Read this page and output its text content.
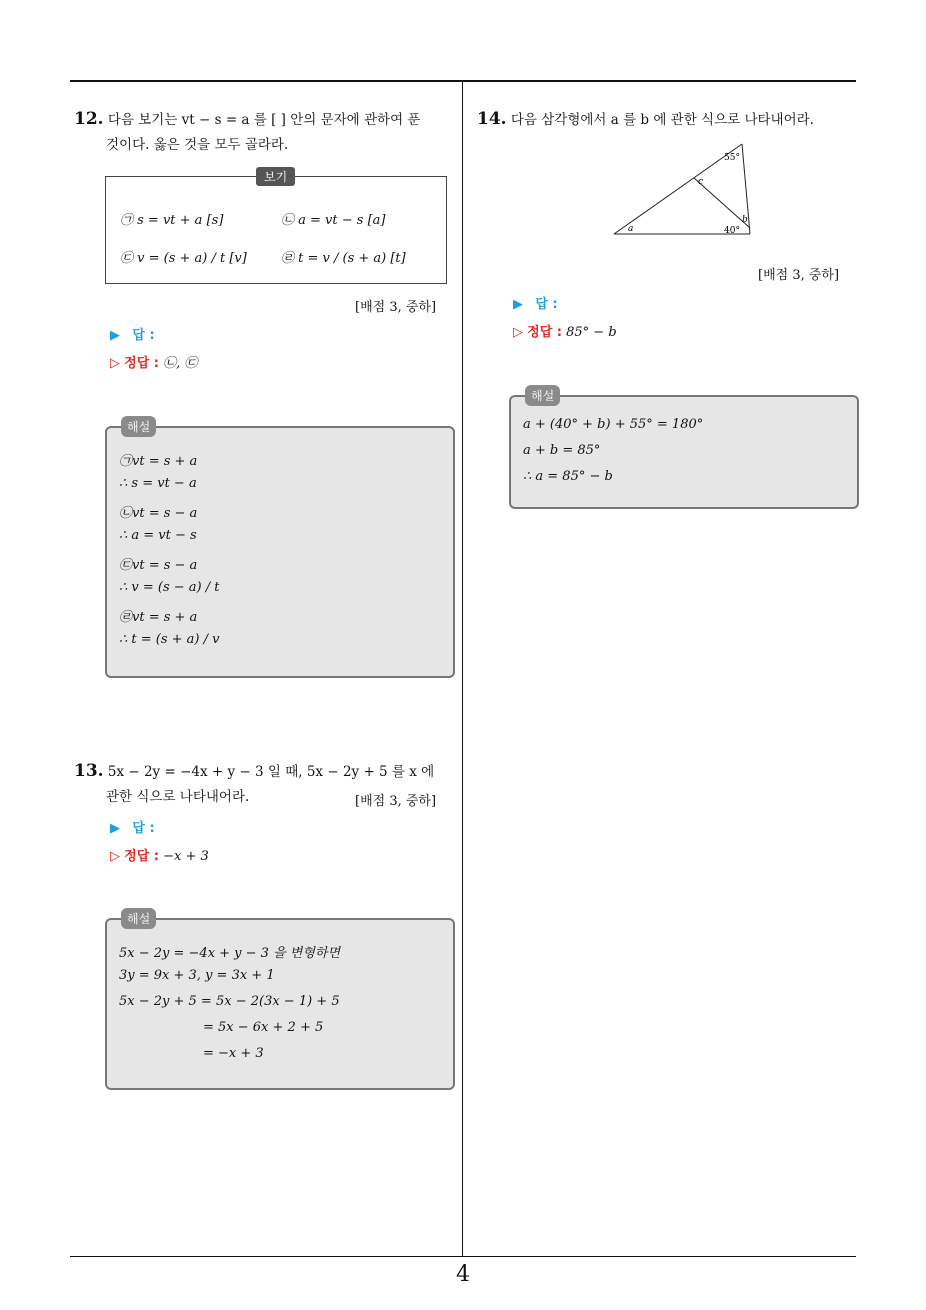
4
12. 다음 보기는 vt − s = a 를 [ ] 안의 문자에 관하여 푼
것이다. 옳은 것을 모두 골라라.
보기
㉠ s = vt + a [s]	㉡ a = vt − s [a]
㉢ v = (s + a) / t [v]	㉣ t = v / (s + a) [t]
[배점 3, 중하]
▶ 답 :
▷ 정답 : ㉡, ㉢
해설
㉠vt = s + a
∴ s = vt − a
㉡vt = s − a
∴ a = vt − s
㉢vt = s − a
∴ v = (s − a) / t
㉣vt = s + a
∴ t = (s + a) / v
13. 5x − 2y = −4x + y − 3 일 때, 5x − 2y + 5 를 x 에
관한 식으로 나타내어라.	[배점 3, 중하]
▶ 답 :
▷ 정답 : −x + 3
해설
5x − 2y = −4x + y − 3 을 변형하면
3y = 9x + 3, y = 3x + 1
5x − 2y + 5 = 5x − 2(3x − 1) + 5
= 5x − 6x + 2 + 5
= −x + 3
14. 다음 삼각형에서 a 를 b 에 관한 식으로 나타내어라.
55°
c
a	40°
b
[배점 3, 중하]
▶ 답 :
▷ 정답 : 85° − b
해설
a + (40° + b) + 55° = 180°
a + b = 85°
∴ a = 85° − b
